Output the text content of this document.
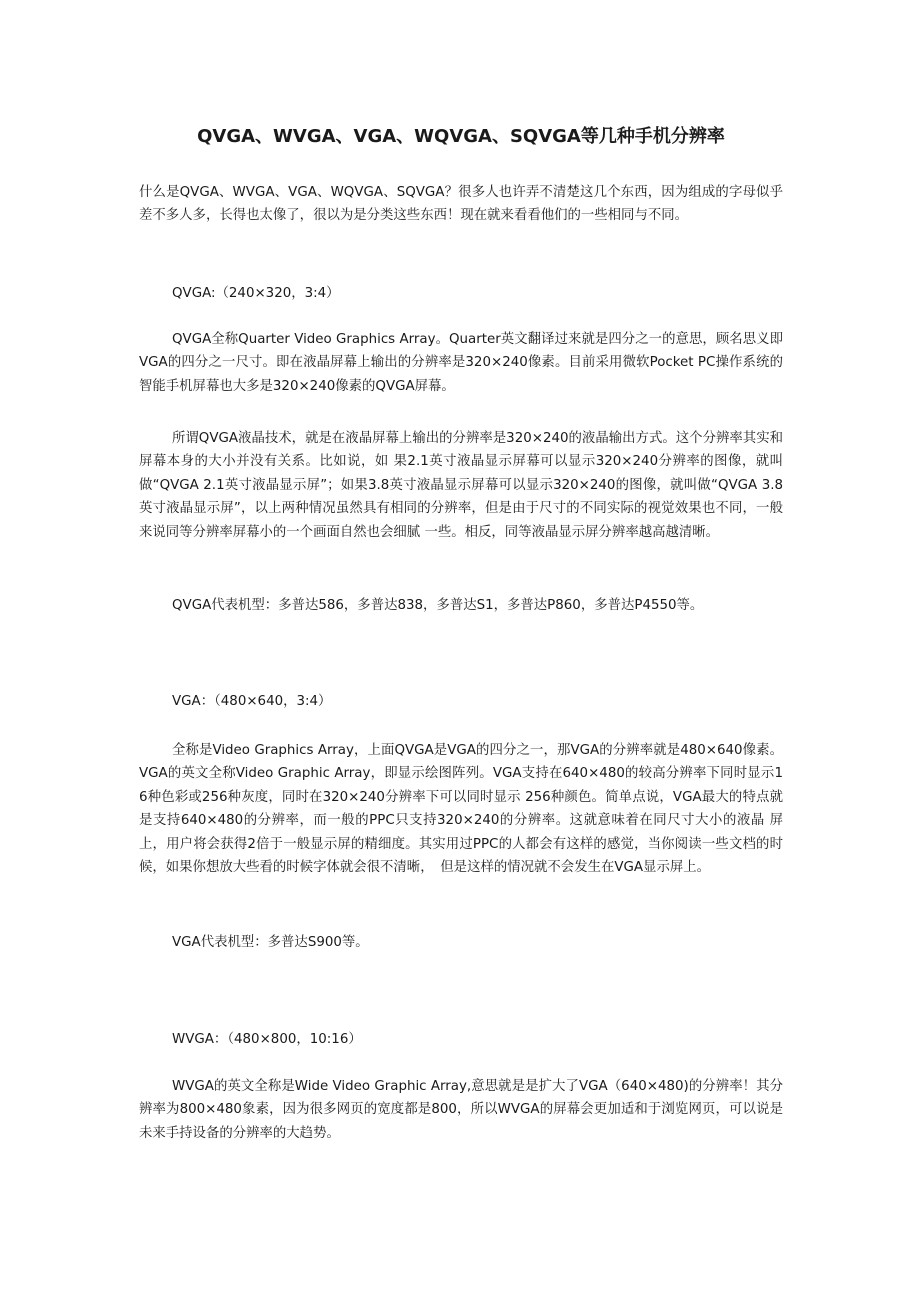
QVGA、WVGA、VGA、WQVGA、SQVGA等几种手机分辨率

什么是QVGA、WVGA、VGA、WQVGA、SQVGA？很多人也许弄不清楚这几个东西，因为组成的字母似乎差不多人多，长得也太像了，很以为是分类这些东西！现在就来看看他们的一些相同与不同。

QVGA:（240×320，3:4）

QVGA全称Quarter Video Graphics Array。Quarter英文翻译过来就是四分之一的意思，顾名思义即VGA的四分之一尺寸。即在液晶屏幕上输出的分辨率是320×240像素。目前采用微软Pocket PC操作系统的智能手机屏幕也大多是320×240像素的QVGA屏幕。

所谓QVGA液晶技术，就是在液晶屏幕上输出的分辨率是320×240的液晶输出方式。这个分辨率其实和屏幕本身的大小并没有关系。比如说，如 果2.1英寸液晶显示屏幕可以显示320×240分辨率的图像，就叫做“QVGA 2.1英寸液晶显示屏”；如果3.8英寸液晶显示屏幕可以显示320×240的图像，就叫做“QVGA 3.8英寸液晶显示屏”，以上两种情况虽然具有相同的分辨率，但是由于尺寸的不同实际的视觉效果也不同，一般来说同等分辨率屏幕小的一个画面自然也会细腻 一些。相反，同等液晶显示屏分辨率越高越清晰。

QVGA代表机型：多普达586，多普达838，多普达S1，多普达P860，多普达P4550等。

VGA：（480×640，3:4）

全称是Video Graphics Array，上面QVGA是VGA的四分之一，那VGA的分辨率就是480×640像素。VGA的英文全称Video Graphic Array，即显示绘图阵列。VGA支持在640×480的较高分辨率下同时显示16种色彩或256种灰度，同时在320×240分辨率下可以同时显示 256种颜色。简单点说，VGA最大的特点就是支持640×480的分辨率，而一般的PPC只支持320×240的分辨率。这就意味着在同尺寸大小的液晶 屏上，用户将会获得2倍于一般显示屏的精细度。其实用过PPC的人都会有这样的感觉，当你阅读一些文档的时候，如果你想放大些看的时候字体就会很不清晰，　但是这样的情况就不会发生在VGA显示屏上。

VGA代表机型：多普达S900等。

WVGA：（480×800，10:16）

WVGA的英文全称是Wide Video Graphic Array,意思就是是扩大了VGA（640×480)的分辨率！其分辨率为800×480象素，因为很多网页的宽度都是800，所以WVGA的屏幕会更加适和于浏览网页，可以说是未来手持设备的分辨率的大趋势。
